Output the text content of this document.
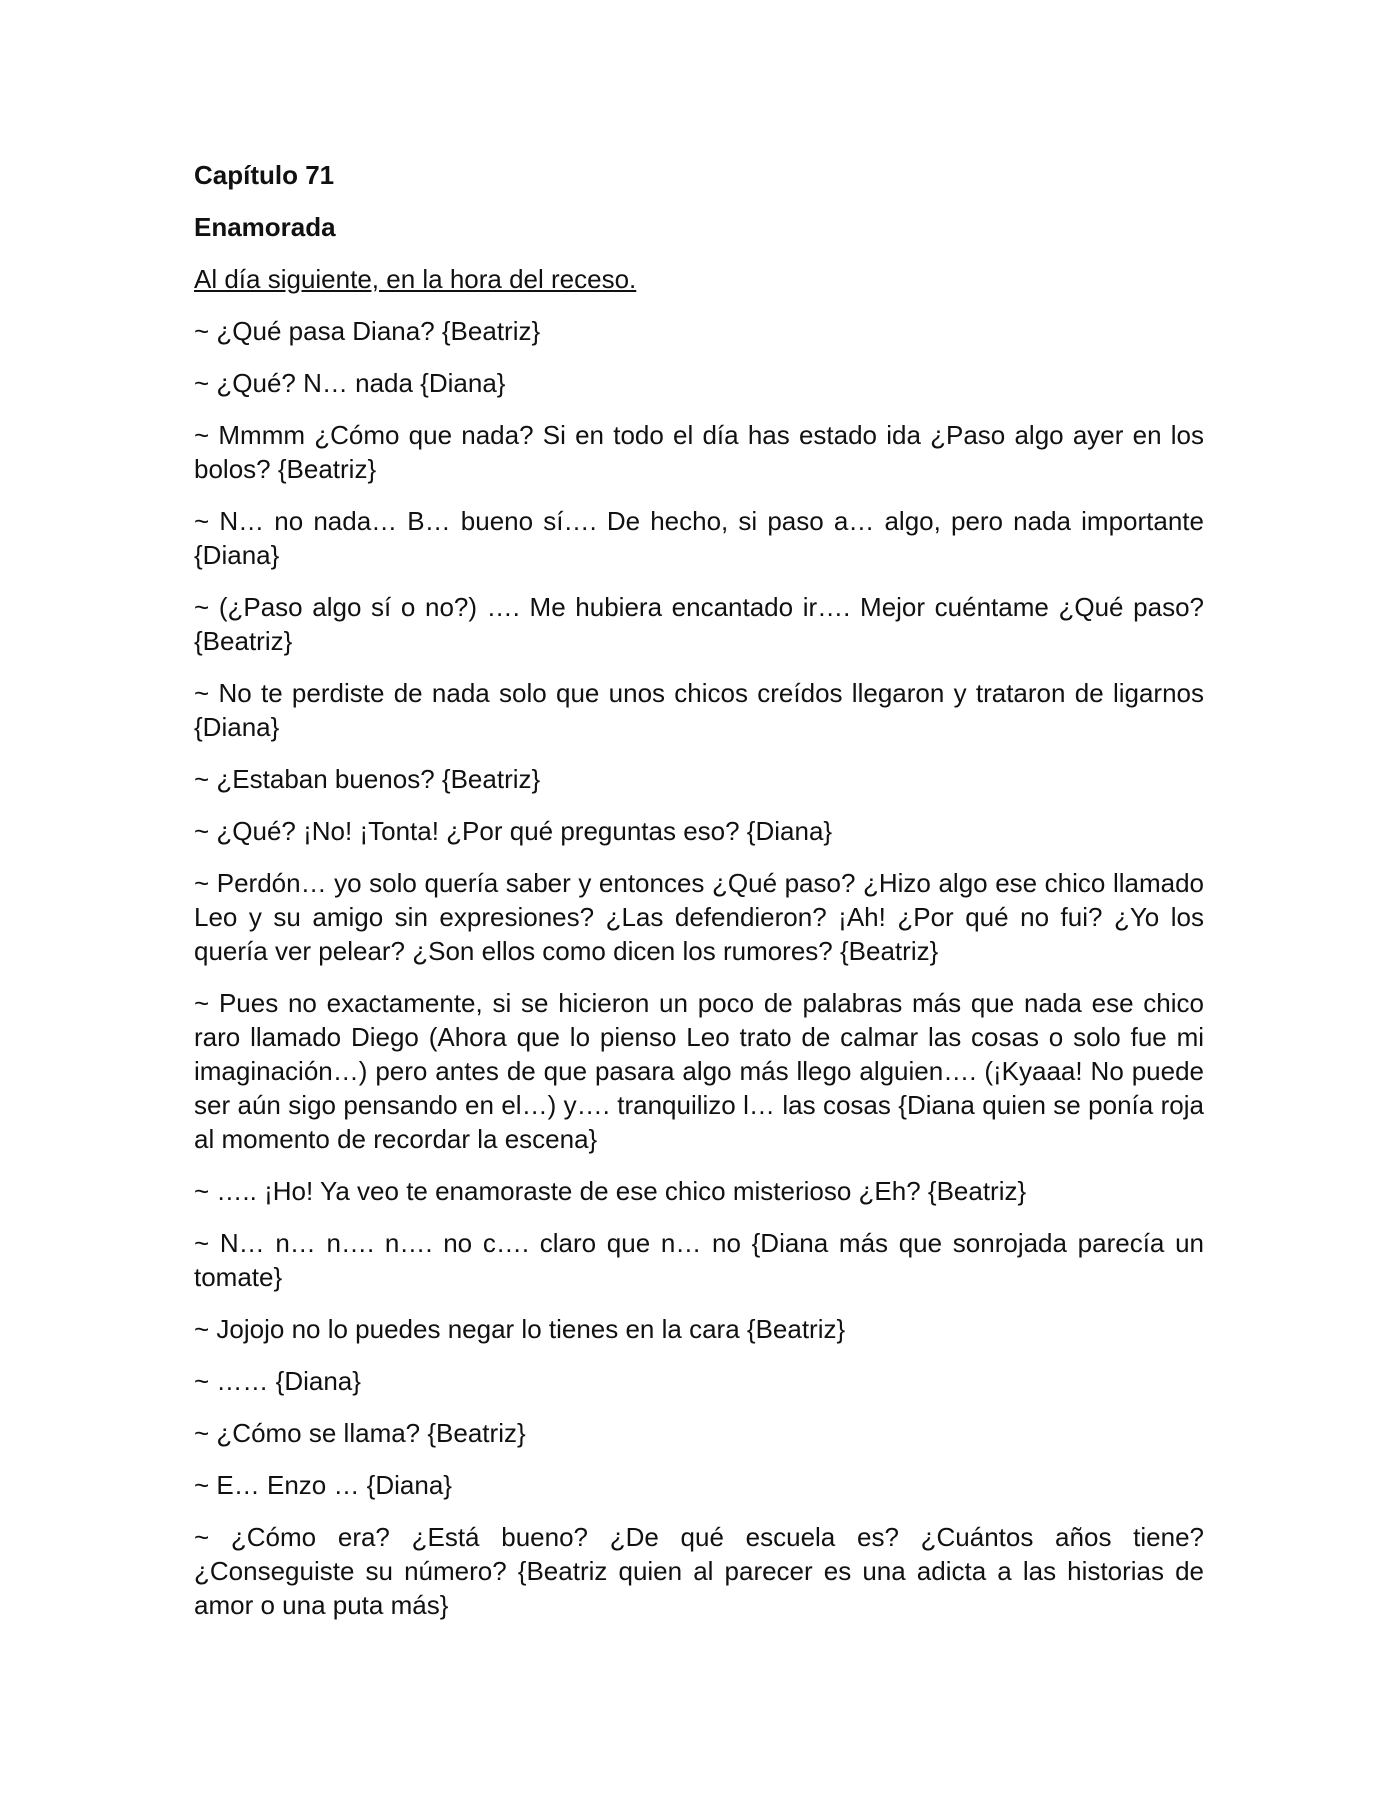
Capítulo 71
Enamorada
Al día siguiente, en la hora del receso.

~ ¿Qué pasa Diana? {Beatriz}

~ ¿Qué? N… nada {Diana}

~ Mmmm ¿Cómo que nada? Si en todo el día has estado ida ¿Paso algo ayer en los bolos? {Beatriz}

~ N… no nada… B… bueno sí…. De hecho, si paso a… algo, pero nada importante {Diana}

~ (¿Paso algo sí o no?) …. Me hubiera encantado ir…. Mejor cuéntame ¿Qué paso? {Beatriz}

~ No te perdiste de nada solo que unos chicos creídos llegaron y trataron de ligarnos {Diana}

~ ¿Estaban buenos? {Beatriz}

~ ¿Qué? ¡No! ¡Tonta! ¿Por qué preguntas eso? {Diana}

~ Perdón… yo solo quería saber y entonces ¿Qué paso? ¿Hizo algo ese chico llamado Leo y su amigo sin expresiones? ¿Las defendieron? ¡Ah! ¿Por qué no fui? ¿Yo los quería ver pelear? ¿Son ellos como dicen los rumores? {Beatriz}

~ Pues no exactamente, si se hicieron un poco de palabras más que nada ese chico raro llamado Diego (Ahora que lo pienso Leo trato de calmar las cosas o solo fue mi imaginación…) pero antes de que pasara algo más llego alguien…. (¡Kyaaa! No puede ser aún sigo pensando en el…) y…. tranquilizo l… las cosas {Diana quien se ponía roja al momento de recordar la escena}

~ ….. ¡Ho! Ya veo te enamoraste de ese chico misterioso ¿Eh? {Beatriz}

~ N… n… n…. n…. no c…. claro que n… no {Diana más que sonrojada parecía un tomate}

~ Jojojo no lo puedes negar lo tienes en la cara {Beatriz}

~ …… {Diana}

~ ¿Cómo se llama? {Beatriz}

~ E… Enzo … {Diana}

~ ¿Cómo era? ¿Está bueno? ¿De qué escuela es? ¿Cuántos años tiene? ¿Conseguiste su número? {Beatriz quien al parecer es una adicta a las historias de amor o una puta más}
